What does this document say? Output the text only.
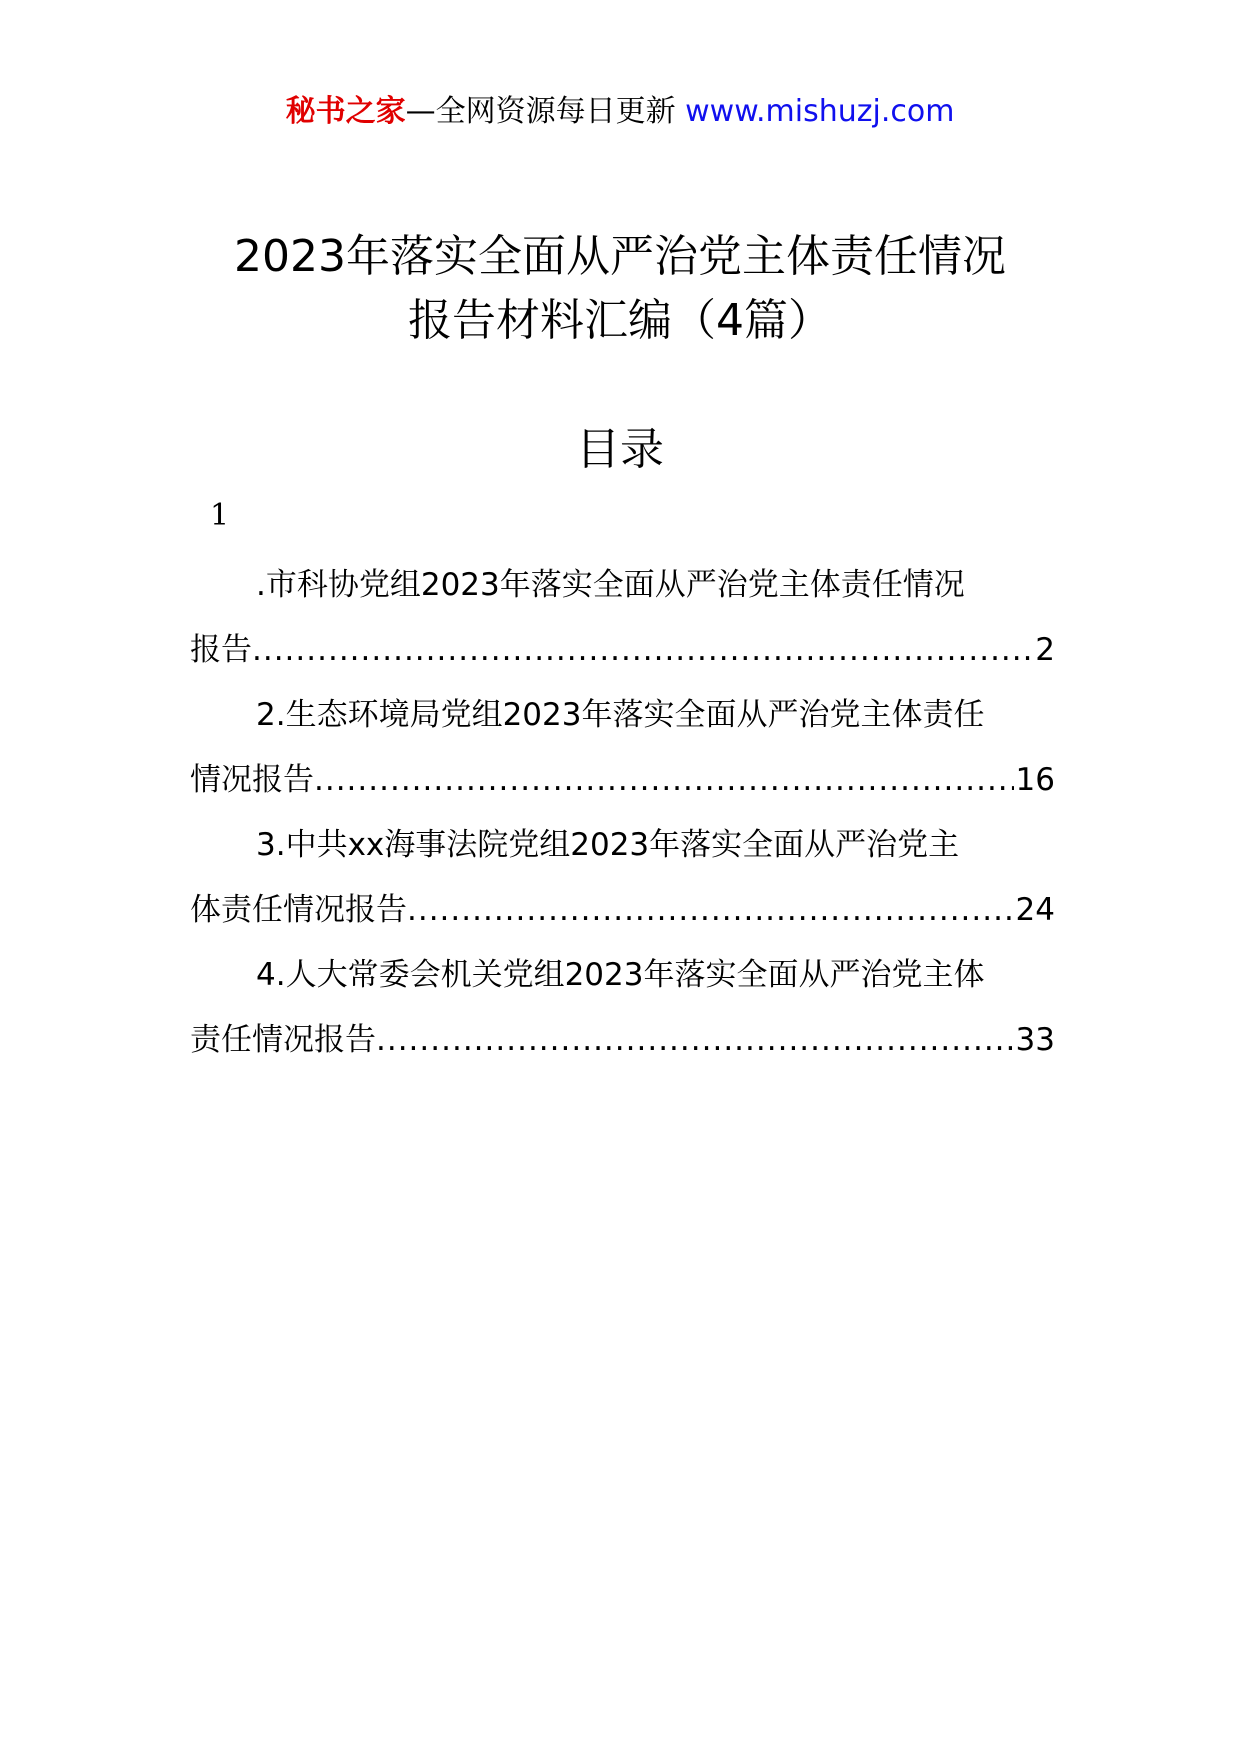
秘书之家—全网资源每日更新 www.mishuzj.com
2023年落实全面从严治党主体责任情况
报告材料汇编（4篇）
目录
1
.市科协党组2023年落实全面从严治党主体责任情况
报告 .....	2
2.生态环境局党组2023年落实全面从严治党主体责任
情况报告 .....	16
3.中共xx海事法院党组2023年落实全面从严治党主
体责任情况报告 .....	24
4.人大常委会机关党组2023年落实全面从严治党主体
责任情况报告 .....	33
